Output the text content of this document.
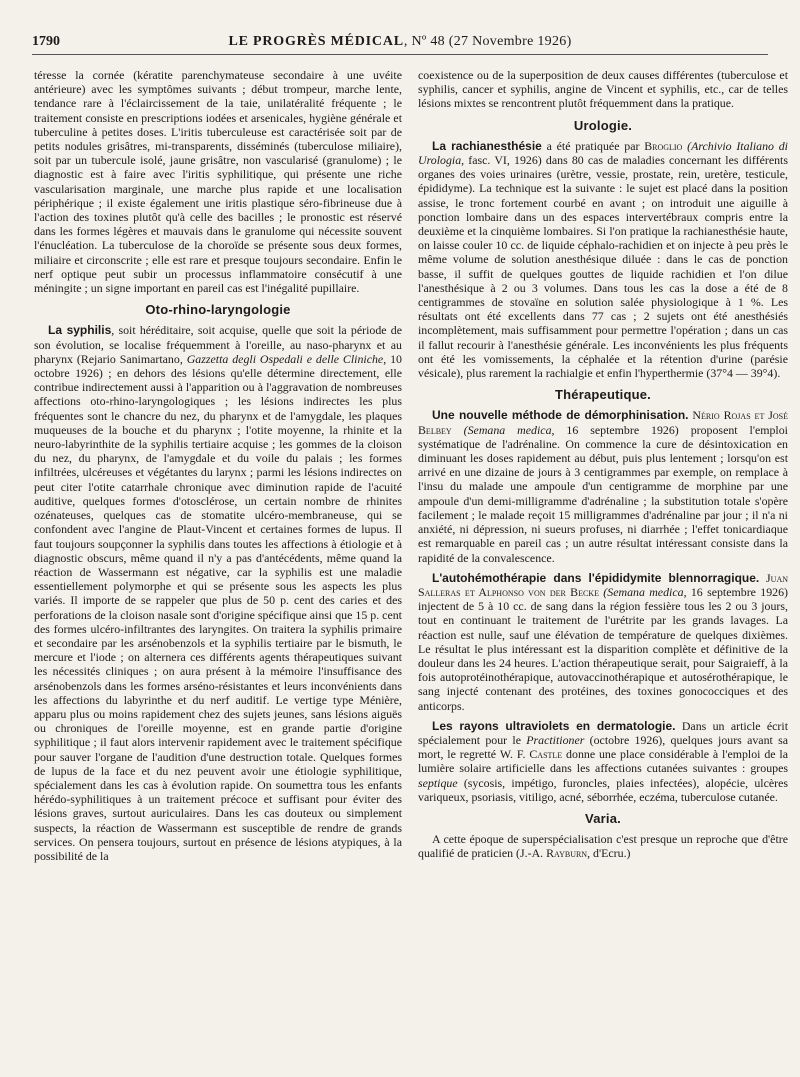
1790	LE PROGRÈS MÉDICAL, Nº 48 (27 Novembre 1926)

téresse la cornée (kératite parenchymateuse secondaire à une uvéite antérieure) avec les symptômes suivants ; début trompeur, marche lente, tendance rare à l'éclaircissement de la taie, unilatéralité fréquente ; le traitement consiste en prescriptions iodées et arsenicales, hygiène générale et tuberculine à petites doses. L'iritis tuberculeuse est caractérisée soit par de petits nodules grisâtres, mi-transparents, disséminés (tuberculose miliaire), soit par un tubercule isolé, jaune grisâtre, non vascularisé (granulome) ; le diagnostic est à faire avec l'iritis syphilitique, qui présente une riche vascularisation marginale, une marche plus rapide et une localisation périphérique ; il existe également une iritis plastique séro-fibrineuse due à l'action des toxines plutôt qu'à celle des bacilles ; le pronostic est réservé dans les formes légères et mauvais dans le granulome qui nécessite souvent l'énucléation. La tuberculose de la choroïde se présente sous deux formes, miliaire et circonscrite ; elle est rare et presque toujours secondaire. Enfin le nerf optique peut subir un processus inflammatoire consécutif à une méningite ; un signe important en pareil cas est l'inégalité pupillaire.

Oto-rhino-laryngologie

La syphilis, soit héréditaire, soit acquise, quelle que soit la période de son évolution, se localise fréquemment à l'oreille, au naso-pharynx et au pharynx (Rejario Sanimartano, Gazzetta degli Ospedali e delle Cliniche, 10 octobre 1926) ; en dehors des lésions qu'elle détermine directement, elle contribue indirectement aussi à l'apparition ou à l'aggravation de nombreuses affections oto-rhino-laryngologiques ; les lésions indirectes les plus fréquentes sont le chancre du nez, du pharynx et de l'amygdale, les plaques muqueuses de la bouche et du pharynx ; l'otite moyenne, la rhinite et la neuro-labyrinthite de la syphilis tertiaire acquise ; les gommes de la cloison du nez, du pharynx, de l'amygdale et du voile du palais ; les formes infiltrées, ulcéreuses et végétantes du larynx ; parmi les lésions indirectes on peut citer l'otite catarrhale chronique avec diminution rapide de l'acuité auditive, quelques formes d'otosclérose, un certain nombre de rhinites ozénateuses, quelques cas de stomatite ulcéro-membraneuse, qui se confondent avec l'angine de Plaut-Vincent et certaines formes de lupus. Il faut toujours soupçonner la syphilis dans toutes les affections à étiologie et à diagnostic obscurs, même quand il n'y a pas d'antécédents, même quand la réaction de Wassermann est négative, car la syphilis est une maladie essentiellement polymorphe et qui se présente sous les aspects les plus variés. Il importe de se rappeler que plus de 50 p. cent des caries et des perforations de la cloison nasale sont d'origine spécifique ainsi que 15 p. cent des formes ulcéro-infiltrantes des laryngites. On traitera la syphilis primaire et secondaire par les arsénobenzols et la syphilis tertiaire par le bismuth, le mercure et l'iode ; on alternera ces différents agents thérapeutiques suivant les nécessités cliniques ; on aura présent à la mémoire l'insuffisance des arsénobenzols dans les formes arséno-résistantes et leurs inconvénients dans les affections du labyrinthe et du nerf auditif. Le vertige type Ménière, apparu plus ou moins rapidement chez des sujets jeunes, sans lésions aiguës ou chroniques de l'oreille moyenne, est en grande partie d'origine syphilitique ; il faut alors intervenir rapidement avec le traitement spécifique pour sauver l'organe de l'audition d'une destruction totale. Quelques formes de lupus de la face et du nez peuvent avoir une étiologie syphilitique, spécialement dans les cas à évolution rapide. On soumettra tous les enfants hérédo-syphilitiques à un traitement précoce et suffisant pour éviter des lésions graves, surtout auriculaires. Dans les cas douteux ou simplement suspects, la réaction de Wassermann est susceptible de rendre de grands services. On pensera toujours, surtout en présence de lésions atypiques, à la possibilité de la

coexistence ou de la superposition de deux causes différentes (tuberculose et syphilis, cancer et syphilis, angine de Vincent et syphilis, etc., car de telles lésions mixtes se rencontrent plutôt fréquemment dans la pratique.

Urologie.

La rachianesthésie a été pratiquée par Broglio (Archivio Italiano di Urologia, fasc. VI, 1926) dans 80 cas de maladies concernant les différents organes des voies urinaires (urètre, vessie, prostate, rein, uretère, testicule, épididyme). La technique est la suivante : le sujet est placé dans la position assise, le tronc fortement courbé en avant ; on introduit une aiguille à ponction lombaire dans un des espaces intervertébraux compris entre la deuxième et la cinquième lombaires. Si l'on pratique la rachianesthésie haute, on laisse couler 10 cc. de liquide céphalo-rachidien et on injecte à peu près le même volume de solution anesthésique diluée : dans le cas de ponction basse, il suffit de quelques gouttes de liquide rachidien et l'on dilue l'anesthésique à 2 ou 3 volumes. Dans tous les cas la dose a été de 8 centigrammes de stovaïne en solution salée physiologique à 1 %. Les résultats ont été excellents dans 77 cas ; 2 sujets ont été anesthésiés incomplètement, mais suffisamment pour permettre l'opération ; dans un cas il fallut recourir à l'anesthésie générale. Les inconvénients les plus fréquents ont été les vomissements, la céphalée et la rétention d'urine (parésie vésicale), plus rarement la rachialgie et enfin l'hyperthermie (37°4 — 39°4).

Thérapeutique.

Une nouvelle méthode de démorphinisation. Nério Rojas et José Belbey (Semana medica, 16 septembre 1926) proposent l'emploi systématique de l'adrénaline. On commence la cure de désintoxication en diminuant les doses rapidement au début, puis plus lentement ; lorsqu'on est arrivé en une dizaine de jours à 3 centigrammes par exemple, on remplace à l'insu du malade une ampoule d'un centigramme de morphine par une ampoule d'un demi-milligramme d'adrénaline ; la substitution totale s'opère facilement ; le malade reçoit 15 milligrammes d'adrénaline par jour ; il n'a ni anxiété, ni dépression, ni sueurs profuses, ni diarrhée ; l'effet tonicardiaque est remarquable en pareil cas ; un autre résultat intéressant consiste dans la rapidité de la convalescence.

L'autohémothérapie dans l'épididymite blennorragique. Juan Salleras et Alphonso von der Becke (Semana medica, 16 septembre 1926) injectent de 5 à 10 cc. de sang dans la région fessière tous les 2 ou 3 jours, tout en continuant le traitement de l'urétrite par les grands lavages. La réaction est nulle, sauf une élévation de température de quelques dixièmes. Le résultat le plus intéressant est la disparition complète et définitive de la douleur dans les 24 heures. L'action thérapeutique serait, pour Saigraieff, à la fois autoprotéinothérapique, autovaccinothérapique et autosérothérapique, le sang injecté contenant des protéines, des toxines gonococciques et des anticorps.

Les rayons ultraviolets en dermatologie. Dans un article écrit spécialement pour le Practitioner (octobre 1926), quelques jours avant sa mort, le regretté W. F. Castle donne une place considérable à l'emploi de la lumière solaire artificielle dans les affections cutanées suivantes : groupes septique (sycosis, impétigo, furoncles, plaies infectées), alopécie, ulcères variqueux, psoriasis, vitiligo, acné, séborrhée, eczéma, tuberculose cutanée.

Varia.

A cette époque de superspécialisation c'est presque un reproche que d'être qualifié de praticien (J.-A. Rayburn, d'Ecru.)
